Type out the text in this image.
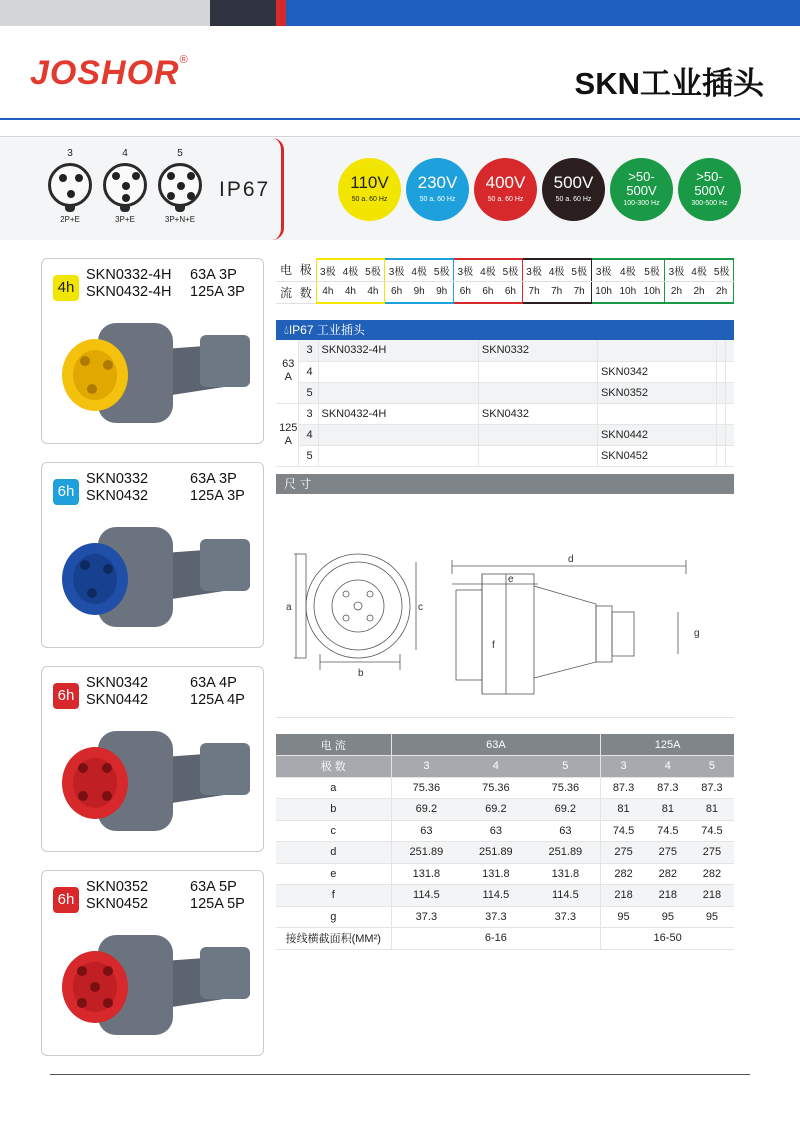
JOSHOR®
SKN工业插头
3
2P+E
4
3P+E
5
3P+N+E
IP67	110V
50 a. 60 Hz
230V
50 a. 60 Hz
400V
50 a. 60 Hz
500V
50 a. 60 Hz
>50-
500V
100-300 Hz
>50-
500V
300-500 Hz
4h
SKN0332-4H
SKN0432-4H
63A 3P
125A 3P
6h
SKN0332
SKN0432
63A 3P
125A 3P
6h
SKN0342
SKN0442
63A 4P
125A 4P
6h
SKN0352
SKN0452
63A 5P
125A 5P
电	极	3极	4极	5极	3极	4极	5极	3极	4极	5极	3极	4极	5极	3极	4极	5极	3极	4极	5极
流	数	4h	4h	4h	6h	9h	9h	6h	6h	6h	7h	7h	7h	10h	10h	10h	2h	2h	2h
💧︎IP67 工业插头
63 A	3	SKN0332-4H	SKN0332			
	4			SKN0342		
	5			SKN0352		
125 A	3	SKN0432-4H	SKN0432			
	4			SKN0442		
	5			SKN0452		
尺 寸
a	c
b
d
e
f
g
电 流	63A			125A		
极 数	3	4	5	3	4	5
a	75.36	75.36	75.36	87.3	87.3	87.3
b	69.2	69.2	69.2	81	81	81
c	63	63	63	74.5	74.5	74.5
d	251.89	251.89	251.89	275	275	275
e	131.8	131.8	131.8	282	282	282
f	114.5	114.5	114.5	218	218	218
g	37.3	37.3	37.3	95	95	95
接线横截面积(MM²)	6-16			16-50		
